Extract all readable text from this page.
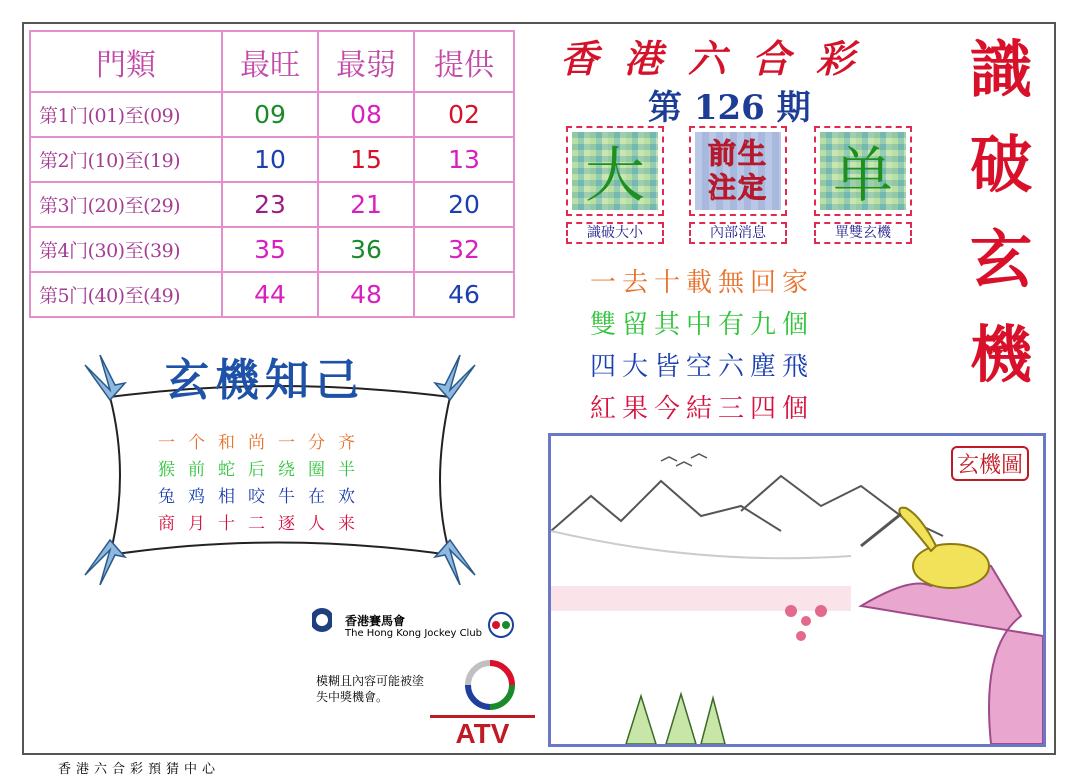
門類	最旺	最弱	提供
第1门(01)至(09)	09	08	02
第2门(10)至(19)	10	15	13
第3门(20)至(29)	23	21	20
第4门(30)至(39)	35	36	32
第5门(40)至(49)	44	48	46
香港六合彩
第 126 期
識
破
玄
機
大
識破大小
前生注定
內部消息
单
單雙玄機
一去十載無回家
雙留其中有九個
四大皆空六塵飛
紅果今結三四個
玄機知己
一个和尚一分齐
猴前蛇后绕圈半
兔鸡相咬牛在欢
商月十二逐人来
玄機圖
香港賽馬會
The Hong Kong Jockey Club
模糊且內容可能被塗
失中獎機會。
ATV
香港六合彩預猜中心
